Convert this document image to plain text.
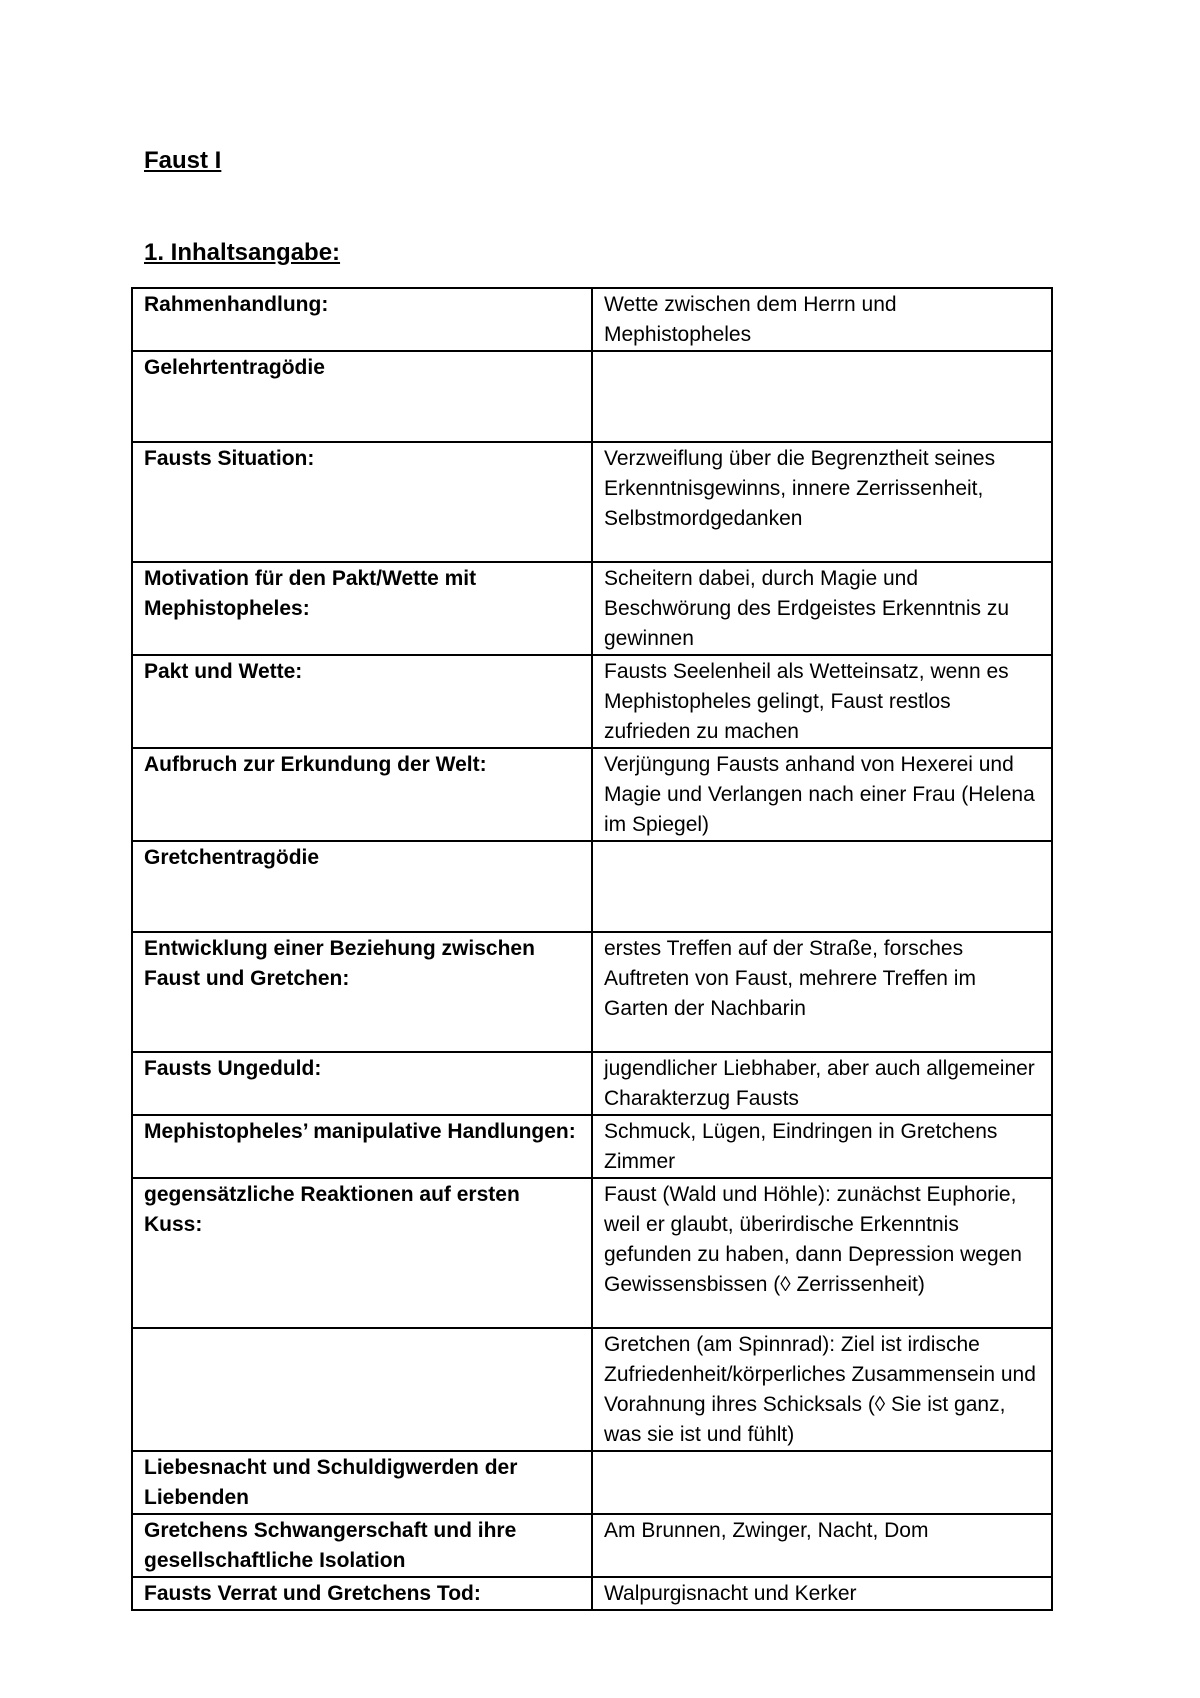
Faust I
1. Inhaltsangabe:
Rahmenhandlung:	Wette zwischen dem Herrn und Mephistopheles
Gelehrtentragödie	
Fausts Situation:	Verzweiflung über die Begrenztheit seines Erkenntnisgewinns, innere Zerrissenheit, Selbstmordgedanken
Motivation für den Pakt/Wette mit Mephistopheles:	Scheitern dabei, durch Magie und Beschwörung des Erdgeistes Erkenntnis zu gewinnen
Pakt und Wette:	Fausts Seelenheil als Wetteinsatz, wenn es Mephistopheles gelingt, Faust restlos zufrieden zu machen
Aufbruch zur Erkundung der Welt:	Verjüngung Fausts anhand von Hexerei und Magie und Verlangen nach einer Frau (Helena im Spiegel)
Gretchentragödie	
Entwicklung einer Beziehung zwischen Faust und Gretchen:	erstes Treffen auf der Straße, forsches Auftreten von Faust, mehrere Treffen im Garten der Nachbarin
Fausts Ungeduld:	jugendlicher Liebhaber, aber auch allgemeiner Charakterzug Fausts
Mephistopheles’ manipulative Handlungen:	Schmuck, Lügen, Eindringen in Gretchens Zimmer
gegensätzliche Reaktionen auf ersten Kuss:	Faust (Wald und Höhle): zunächst Euphorie, weil er glaubt, überirdische Erkenntnis gefunden zu haben, dann Depression wegen Gewissensbissen (◊ Zerrissenheit)
	Gretchen (am Spinnrad): Ziel ist irdische Zufriedenheit/körperliches Zusammensein und Vorahnung ihres Schicksals (◊ Sie ist ganz, was sie ist und fühlt)
Liebesnacht und Schuldigwerden der Liebenden	
Gretchens Schwangerschaft und ihre gesellschaftliche Isolation	Am Brunnen, Zwinger, Nacht, Dom
Fausts Verrat und Gretchens Tod:	Walpurgisnacht und Kerker
